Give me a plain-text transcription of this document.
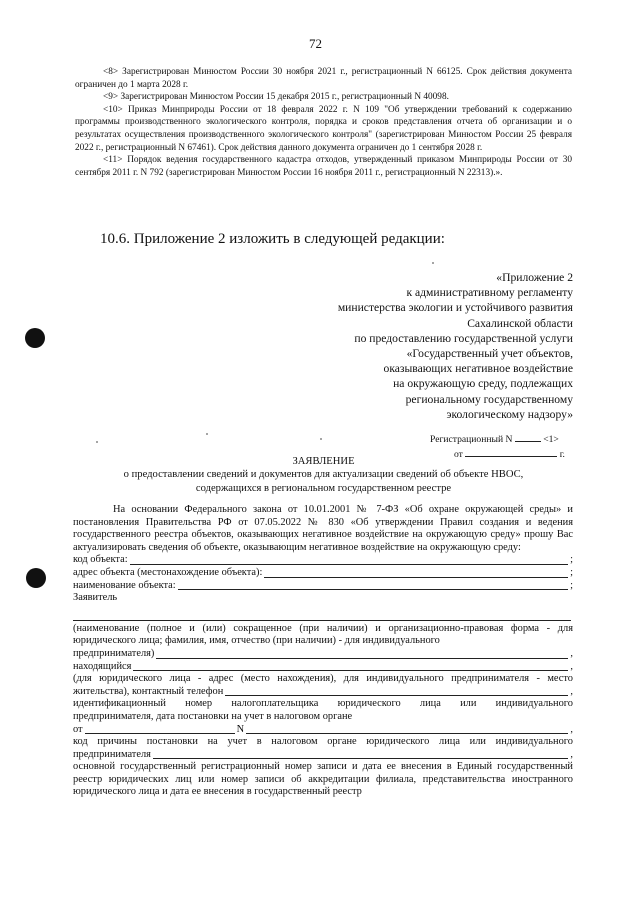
72

<8> Зарегистрирован Минюстом России 30 ноября 2021 г., регистрационный N 66125. Срок действия документа ограничен до 1 марта 2028 г.

<9> Зарегистрирован Минюстом России 15 декабря 2015 г., регистрационный N 40098.

<10> Приказ Минприроды России от 18 февраля 2022 г. N 109 "Об утверждении требований к содержанию программы производственного экологического контроля, порядка и сроков представления отчета об организации и о результатах осуществления производственного экологического контроля" (зарегистрирован Минюстом России 25 февраля 2022 г., регистрационный N 67461). Срок действия данного документа ограничен до 1 сентября 2028 г.

<11> Порядок ведения государственного кадастра отходов, утвержденный приказом Минприроды России от 30 сентября 2011 г. N 792 (зарегистрирован Минюстом России 16 ноября 2011 г., регистрационный N 22313).».

10.6. Приложение 2 изложить в следующей редакции:
«Приложение 2
к административному регламенту
министерства экологии и устойчивого развития
Сахалинской области
по предоставлению государственной услуги
«Государственный учет объектов,
оказывающих негативное воздействие
на окружающую среду, подлежащих
региональному государственному
экологическому надзору»
Регистрационный N	<1>
от	г.
ЗАЯВЛЕНИЕ
о предоставлении сведений и документов для актуализации сведений об объекте НВОС,
содержащихся в региональном государственном реестре

На основании Федерального закона от 10.01.2001 № 7-ФЗ «Об охране окружающей среды» и постановления Правительства РФ от 07.05.2022 № 830 «Об утверждении Правил создания и ведения государственного реестра объектов, оказывающих негативное воздействие на окружающую среду» прошу Вас актуализировать сведения об объекте, оказывающим негативное воздействие на окружающую среду:

код объекта:	;
адрес объекта (местонахождение объекта):	;
наименование объекта:	;
Заявитель

(наименование (полное и (или) сокращенное (при наличии) и организационно-правовая форма - для юридического лица; фамилия, имя, отчество (при наличии) - для индивидуального

предпринимателя)	,
находящийся	,

(для юридического лица - адрес (место нахождения), для индивидуального предпринимателя - место

жительства), контактный телефон	,

идентификационный номер налогоплательщика юридического лица или индивидуального

предпринимателя, дата постановки на учет в налоговом органе
от	N	,

код причины постановки на учет в налоговом органе юридического лица или индивидуального

предпринимателя	,

основной государственный регистрационный номер записи и дата ее внесения в Единый государственный реестр юридических лиц или номер записи об аккредитации филиала, представительства иностранного юридического лица и дата ее внесения в государственный реестр
